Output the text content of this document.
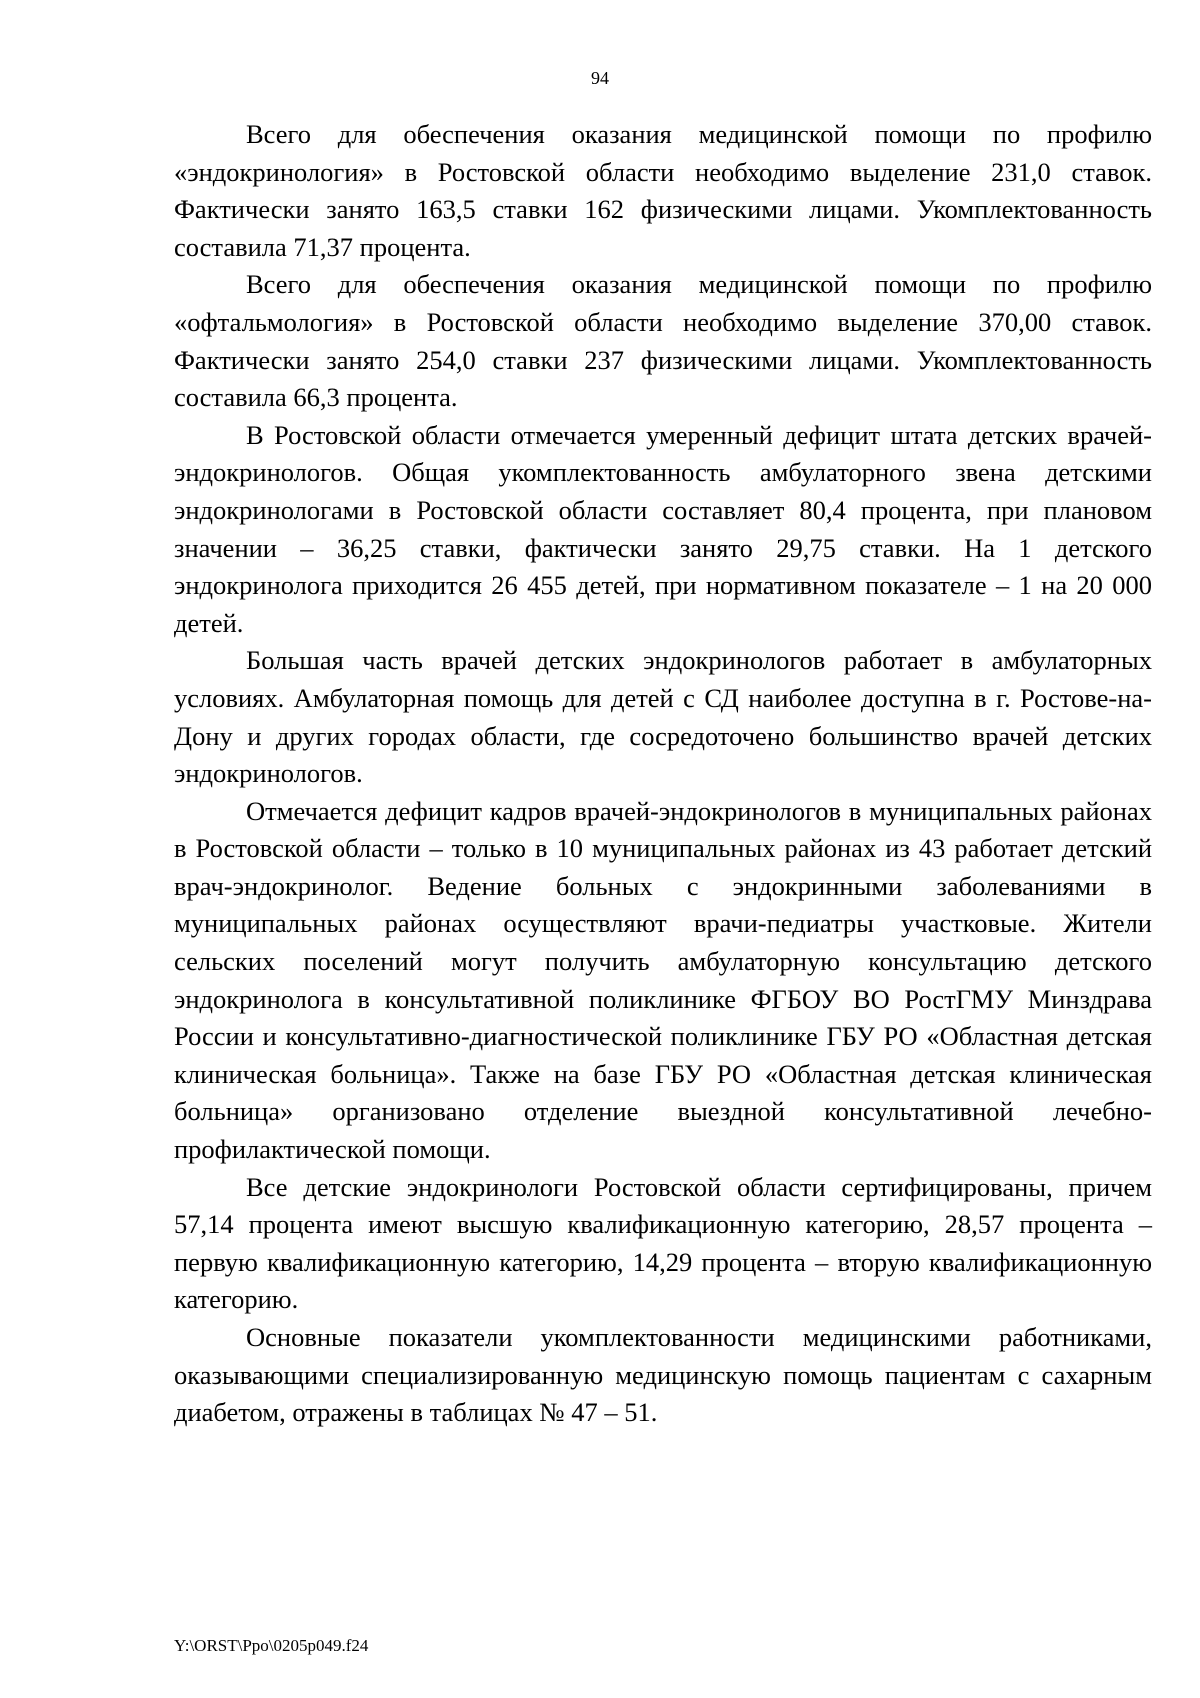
94

Всего для обеспечения оказания медицинской помощи по профилю «эндокринология» в Ростовской области необходимо выделение 231,0 ставок. Фактически занято 163,5 ставки 162 физическими лицами. Укомплектованность составила 71,37 процента.

Всего для обеспечения оказания медицинской помощи по профилю «офтальмология» в Ростовской области необходимо выделение 370,00 ставок. Фактически занято 254,0 ставки 237 физическими лицами. Укомплектованность составила 66,3 процента.

В Ростовской области отмечается умеренный дефицит штата детских врачей-эндокринологов. Общая укомплектованность амбулаторного звена детскими эндокринологами в Ростовской области составляет 80,4 процента, при плановом значении – 36,25 ставки, фактически занято 29,75 ставки. На 1 детского эндокринолога приходится 26 455 детей, при нормативном показателе – 1 на 20 000 детей.

Большая часть врачей детских эндокринологов работает в амбулаторных условиях. Амбулаторная помощь для детей с СД наиболее доступна в г. Ростове-на-Дону и других городах области, где сосредоточено большинство врачей детских эндокринологов.

Отмечается дефицит кадров врачей-эндокринологов в муниципальных районах в Ростовской области – только в 10 муниципальных районах из 43 работает детский врач-эндокринолог. Ведение больных с эндокринными заболеваниями в муниципальных районах осуществляют врачи-педиатры участковые. Жители сельских поселений могут получить амбулаторную консультацию детского эндокринолога в консультативной поликлинике ФГБОУ ВО РостГМУ Минздрава России и консультативно-диагностической поликлинике ГБУ РО «Областная детская клиническая больница». Также на базе ГБУ РО «Областная детская клиническая больница» организовано отделение выездной консультативной лечебно-профилактической помощи.

Все детские эндокринологи Ростовской области сертифицированы, причем 57,14 процента имеют высшую квалификационную категорию, 28,57 процента – первую квалификационную категорию, 14,29 процента – вторую квалификационную категорию.

Основные показатели укомплектованности медицинскими работниками, оказывающими специализированную медицинскую помощь пациентам с сахарным диабетом, отражены в таблицах № 47 – 51.

Y:\ORST\Ppo\0205p049.f24
